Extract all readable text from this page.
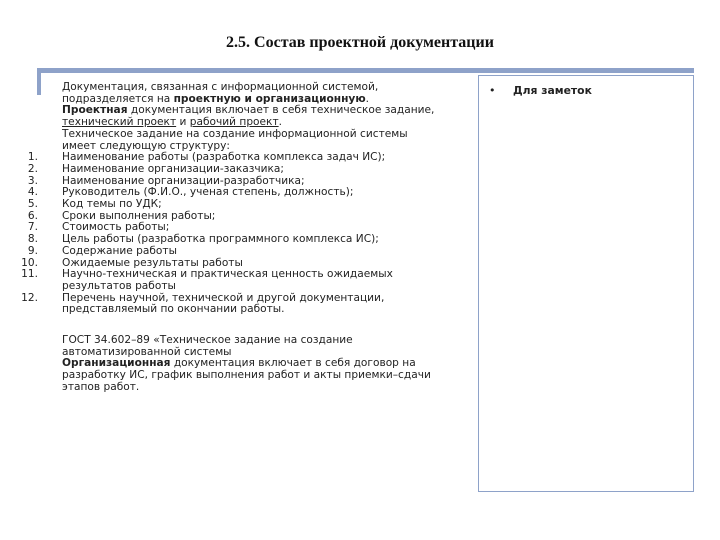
2.5. Состав проектной документации
Документация, связанная с информационной системой,
подразделяется на проектную и организационную.
Проектная документация включает в себя техническое задание,
технический проект и рабочий проект.
Техническое задание на создание информационной системы
имеет следующую структуру:
1. Наименование работы (разработка комплекса задач ИС);
2. Наименование организации-заказчика;
3. Наименование организации-разработчика;
4. Руководитель (Ф.И.О., ученая степень, должность);
5. Код темы по УДК;
6. Сроки выполнения работы;
7. Стоимость работы;
8. Цель работы (разработка программного комплекса ИС);
9. Содержание работы
10. Ожидаемые результаты работы
11. Научно-техническая и практическая ценность ожидаемых
результатов работы
12. Перечень научной, технической и другой документации,
представляемый по окончании работы.
ГОСТ 34.602–89 «Техническое задание на создание
автоматизированной системы
Организационная документация включает в себя договор на
разработку ИС, график выполнения работ и акты приемки–сдачи
этапов работ.
• Для заметок
